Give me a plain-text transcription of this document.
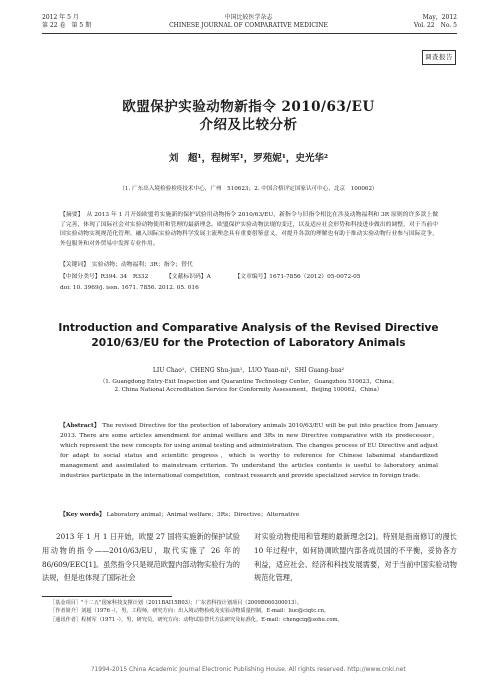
2012 年 5 月
第 22 卷　第 5 期
中国比较医学杂志
CHINESE JOURNAL OF COMPARATIVE MEDICINE
May，2012
Vol. 22　No. 5
调查报告
欧盟保护实验动物新指令 2010/63/EU
介绍及比较分析
刘　超¹，程树军¹，罗苑妮¹，史光华²
（1. 广东出入境检验检疫技术中心，广州　510623；2. 中国合格评定国家认可中心，北京　100062）
【摘要】　从 2013 年 1 月开始欧盟将实施新的保护试验用动物指令 2010/63/EU，新指令与旧指令相比在涉及动物福利和 3R 原则的许多款上做了完善，体现了国际社会对实验动物使用和管理的最新理念。欧盟保护实验动物法规的变迁，以及适应社会形势和科技进步做出的调整，对于当前中国实验动物实现规范化管理、融入国际实验动物科学发展主流理念具有重要借鉴意义，对提升各款的理解也有助于推动实验动物行业参与国际竞争，外包服务和对外贸易中发挥专业作用。
【关键词】　实验动物；动物福利；3R；指令；替代
【中图分类号】R394. 34　R332	【文献标识码】A	【文章编号】1671-7856（2012）05-0072-05
doi: 10. 3969/j. issn. 1671. 7856. 2012. 05. 016
Introduction and Comparative Analysis of the Revised Directive
2010/63/EU for the Protection of Laboratory Animals
LIU Chao¹，CHENG Shu-jun¹，LUO Yuan-ni¹，SHI Guang-hua²
（1. Guangdong Entry-Exit Inspection and Quarantine Technology Center，Guangzhou 510623，China；
2. China National Accreditation Service for Conformity Assessment，Beijing 100062，China）
【Abstract】 The revised Directive for the protection of laboratory animals 2010/63/EU will be put into practice from January 2013. There are some articles amendment for animal welfare and 3Rs in new Directive comparative with its predecessor，which represent the new concepts for using animal testing and administration. The changes process of EU Directive and adjust for adapt to social status and scientific progress，which is worthy to reference for Chinese labanimal standardized management and assimilated to mainstream criterion. To understand the articles contents is useful to laboratory animal industries participate in the international competition，contrast research and provide specialized service in foreign trade.
【Key words】 Laboratory animal；Animal welfare；3Rs；Directive；Alternative
2013 年 1 月 1 日开始，欧盟 27 国将实施新的保护试验用动物的指令——2010/63/EU，取代实施了 26 年的 86/609/EEC[1]。虽然指令只是规范欧盟内部动物实验行为的法规，但是也体现了国际社会
对实验动物使用和管理的最新理念[2]。特别是指南修订的漫长 10 年过程中，如何协调欧盟内部各成员国的不平衡，妥协各方利益，适应社会、经济和科技发展需要，对于当前中国实验动物规范化管理，
［基金项目］"十二五"国家科技支撑计划（2011BAI15B03）；广东省科技计划项目（2009B060300013）。
［作者简介］刘超（1976 -），男，工程师，研究方向：出入境动物检疫及实验动物质量控制，E-mail：liuc@ciqtc.cn。
［通讯作者］程树军（1971 -），男，研究员，研究方向：动物试验替代方法研究及标准化。E-mail：chengciq@sohu.com。
?1994-2015 China Academic Journal Electronic Publishing House. All rights reserved. http://www.cnki.net
